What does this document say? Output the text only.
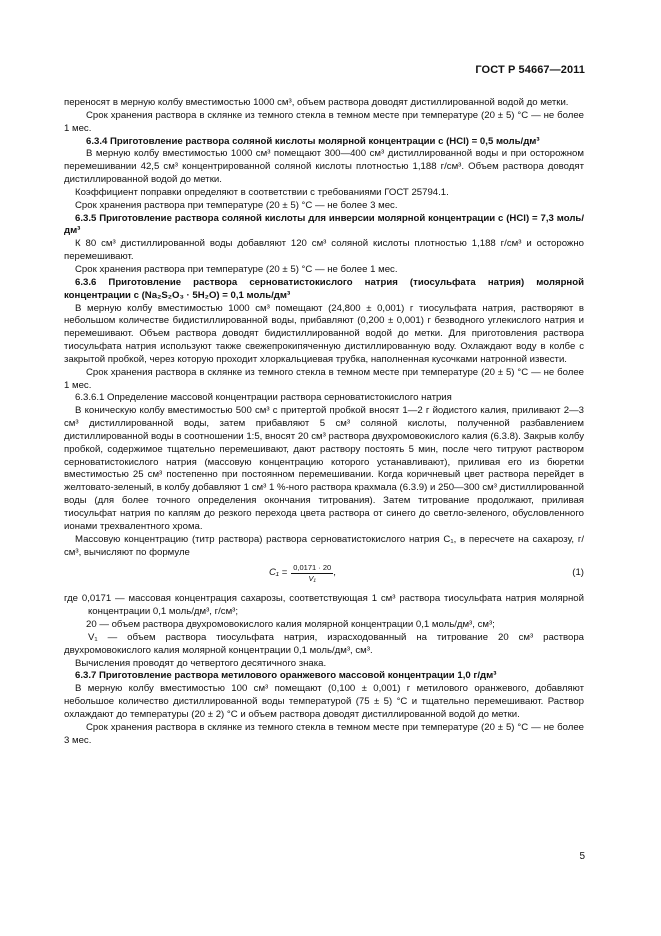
ГОСТ Р 54667—2011

переносят в мерную колбу вместимостью 1000 см³, объем раствора доводят дистиллированной водой до метки.

Срок хранения раствора в склянке из темного стекла в темном месте при температуре (20 ± 5) °С — не более 1 мес.

6.3.4 Приготовление раствора соляной кислоты молярной концентрации c (HCl) = 0,5 моль/дм³

В мерную колбу вместимостью 1000 см³ помещают 300—400 см³ дистиллированной воды и при осторожном перемешивании 42,5 см³ концентрированной соляной кислоты плотностью 1,188 г/см³. Объем раствора доводят дистиллированной водой до метки.

Коэффициент поправки определяют в соответствии с требованиями ГОСТ 25794.1.

Срок хранения раствора при температуре (20 ± 5) °С — не более 3 мес.

6.3.5 Приготовление раствора соляной кислоты для инверсии молярной концентрации c (HCl) = 7,3 моль/дм³

К 80 см³ дистиллированной воды добавляют 120 см³ соляной кислоты плотностью 1,188 г/см³ и осторожно перемешивают.

Срок хранения раствора при температуре (20 ± 5) °С — не более 1 мес.

6.3.6 Приготовление раствора серноватистокислого натрия (тиосульфата натрия) молярной концентрации c (Na₂S₂O₃ · 5H₂O) = 0,1 моль/дм³

В мерную колбу вместимостью 1000 см³ помещают (24,800 ± 0,001) г тиосульфата натрия, растворяют в небольшом количестве бидистиллированной воды, прибавляют (0,200 ± 0,001) г безводного углекислого натрия и перемешивают. Объем раствора доводят бидистиллированной водой до метки. Для приготовления раствора тиосульфата натрия используют также свежепрокипяченную дистиллированную воду. Охлаждают воду в колбе с закрытой пробкой, через которую проходит хлоркальциевая трубка, наполненная кусочками натронной извести.

Срок хранения раствора в склянке из темного стекла в темном месте при температуре (20 ± 5) °С — не более 1 мес.

6.3.6.1 Определение массовой концентрации раствора серноватистокислого натрия

В коническую колбу вместимостью 500 см³ с притертой пробкой вносят 1—2 г йодистого калия, приливают 2—3 см³ дистиллированной воды, затем прибавляют 5 см³ соляной кислоты, полученной разбавлением дистиллированной воды в соотношении 1:5, вносят 20 см³ раствора двухромовокислого калия (6.3.8). Закрыв колбу пробкой, содержимое тщательно перемешивают, дают раствору постоять 5 мин, после чего титруют раствором серноватистокислого натрия (массовую концентрацию которого устанавливают), приливая его из бюретки вместимостью 25 см³ постепенно при постоянном перемешивании. Когда коричневый цвет раствора перейдет в желтовато-зеленый, в колбу добавляют 1 см³ 1 %-ного раствора крахмала (6.3.9) и 250—300 см³ дистиллированной воды (для более точного определения окончания титрования). Затем титрование продолжают, приливая тиосульфат натрия по каплям до резкого перехода цвета раствора от синего до светло-зеленого, обусловленного ионами трехвалентного хрома.

Массовую концентрацию (титр раствора) раствора серноватистокислого натрия C₁, в пересчете на сахарозу, г/см³, вычисляют по формуле

$C_1 = \frac{0,0171 \cdot 20}{\text{V₁}}$ ,	(1)

где 0,0171 — массовая концентрация сахарозы, соответствующая 1 см³ раствора тиосульфата натрия молярной концентрации 0,1 моль/дм³, г/см³;

20 — объем раствора двухромовокислого калия молярной концентрации 0,1 моль/дм³, см³;

V₁ — объем раствора тиосульфата натрия, израсходованный на титрование 20 см³ раствора двухромовокислого калия молярной концентрации 0,1 моль/дм³, см³.

Вычисления проводят до четвертого десятичного знака.

6.3.7 Приготовление раствора метилового оранжевого массовой концентрации 1,0 г/дм³

В мерную колбу вместимостью 100 см³ помещают (0,100 ± 0,001) г метилового оранжевого, добавляют небольшое количество дистиллированной воды температурой (75 ± 5) °С и тщательно перемешивают. Раствор охлаждают до температуры (20 ± 2) °С и объем раствора доводят дистиллированной водой до метки.

Срок хранения раствора в склянке из темного стекла в темном месте при температуре (20 ± 5) °С — не более 3 мес.

5
